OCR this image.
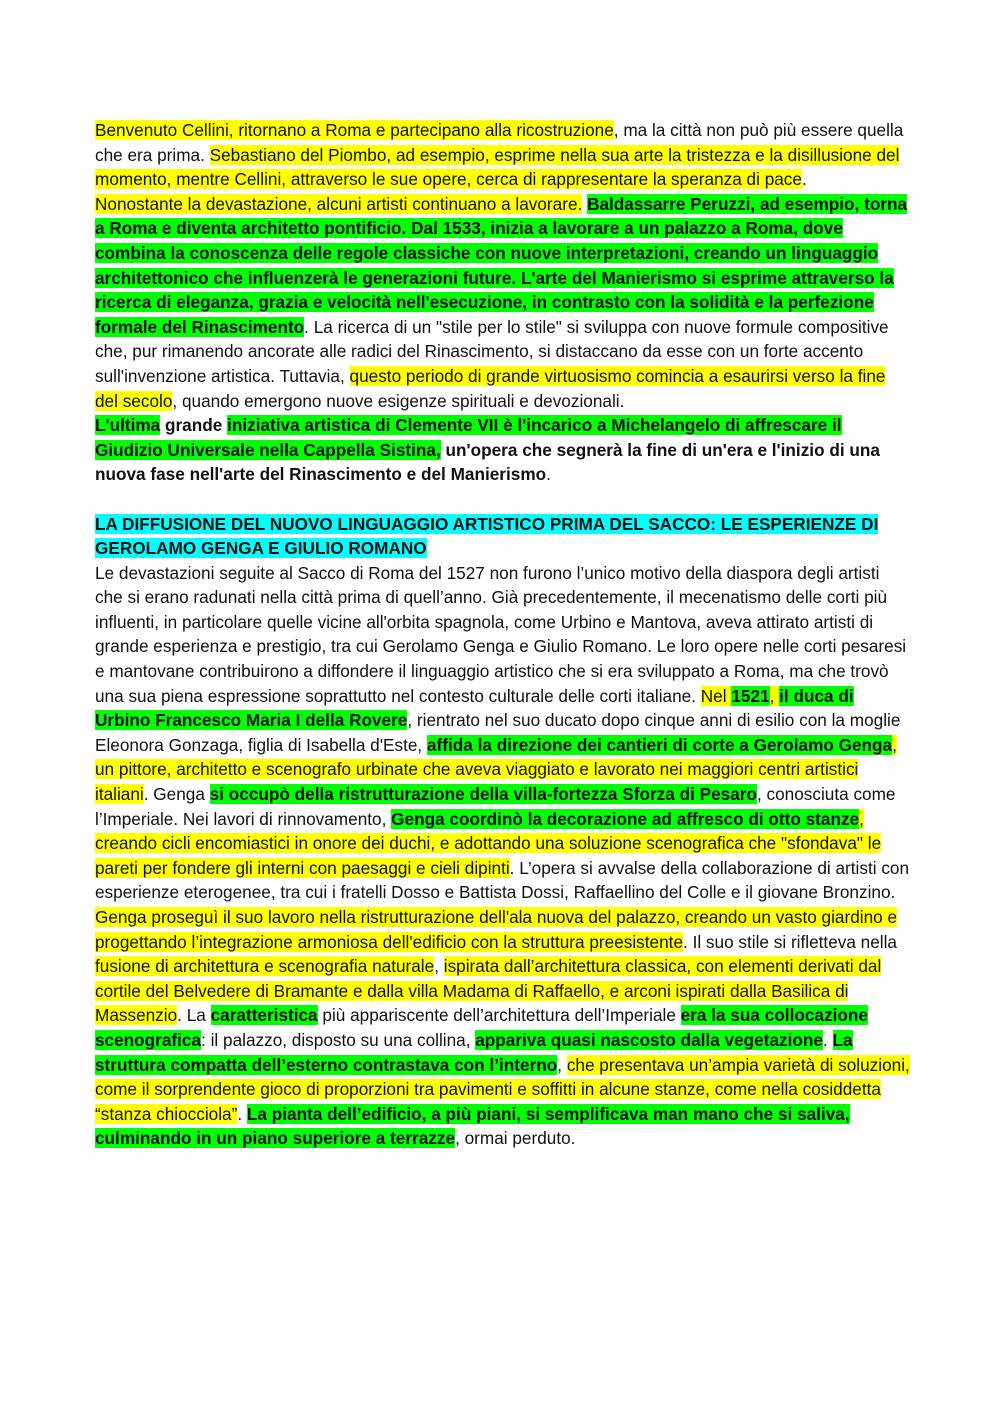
Benvenuto Cellini, ritornano a Roma e partecipano alla ricostruzione, ma la città non può più essere quella che era prima. Sebastiano del Piombo, ad esempio, esprime nella sua arte la tristezza e la disillusione del momento, mentre Cellini, attraverso le sue opere, cerca di rappresentare la speranza di pace.

Nonostante la devastazione, alcuni artisti continuano a lavorare. Baldassarre Peruzzi, ad esempio, torna a Roma e diventa architetto pontificio. Dal 1533, inizia a lavorare a un palazzo a Roma, dove combina la conoscenza delle regole classiche con nuove interpretazioni, creando un linguaggio architettonico che influenzerà le generazioni future. L'arte del Manierismo si esprime attraverso la ricerca di eleganza, grazia e velocità nell'esecuzione, in contrasto con la solidità e la perfezione formale del Rinascimento. La ricerca di un "stile per lo stile" si sviluppa con nuove formule compositive che, pur rimanendo ancorate alle radici del Rinascimento, si distaccano da esse con un forte accento sull'invenzione artistica. Tuttavia, questo periodo di grande virtuosismo comincia a esaurirsi verso la fine del secolo, quando emergono nuove esigenze spirituali e devozionali.

L'ultima grande iniziativa artistica di Clemente VII è l'incarico a Michelangelo di affrescare il Giudizio Universale nella Cappella Sistina, un'opera che segnerà la fine di un'era e l'inizio di una nuova fase nell'arte del Rinascimento e del Manierismo.

LA DIFFUSIONE DEL NUOVO LINGUAGGIO ARTISTICO PRIMA DEL SACCO: LE ESPERIENZE DI GEROLAMO GENGA E GIULIO ROMANO

Le devastazioni seguite al Sacco di Roma del 1527 non furono l’unico motivo della diaspora degli artisti che si erano radunati nella città prima di quell’anno. Già precedentemente, il mecenatismo delle corti più influenti, in particolare quelle vicine all'orbita spagnola, come Urbino e Mantova, aveva attirato artisti di grande esperienza e prestigio, tra cui Gerolamo Genga e Giulio Romano. Le loro opere nelle corti pesaresi e mantovane contribuirono a diffondere il linguaggio artistico che si era sviluppato a Roma, ma che trovò una sua piena espressione soprattutto nel contesto culturale delle corti italiane. Nel 1521, il duca di Urbino Francesco Maria I della Rovere, rientrato nel suo ducato dopo cinque anni di esilio con la moglie Eleonora Gonzaga, figlia di Isabella d'Este, affida la direzione dei cantieri di corte a Gerolamo Genga, un pittore, architetto e scenografo urbinate che aveva viaggiato e lavorato nei maggiori centri artistici italiani. Genga si occupò della ristrutturazione della villa-fortezza Sforza di Pesaro, conosciuta come l’Imperiale. Nei lavori di rinnovamento, Genga coordinò la decorazione ad affresco di otto stanze, creando cicli encomiastici in onore dei duchi, e adottando una soluzione scenografica che "sfondava" le pareti per fondere gli interni con paesaggi e cieli dipinti. L’opera si avvalse della collaborazione di artisti con esperienze eterogenee, tra cui i fratelli Dosso e Battista Dossi, Raffaellino del Colle e il giovane Bronzino. Genga proseguì il suo lavoro nella ristrutturazione dell'ala nuova del palazzo, creando un vasto giardino e progettando l’integrazione armoniosa dell'edificio con la struttura preesistente. Il suo stile si rifletteva nella fusione di architettura e scenografia naturale, ispirata dall’architettura classica, con elementi derivati dal cortile del Belvedere di Bramante e dalla villa Madama di Raffaello, e arconi ispirati dalla Basilica di Massenzio. La caratteristica più appariscente dell’architettura dell’Imperiale era la sua collocazione scenografica: il palazzo, disposto su una collina, appariva quasi nascosto dalla vegetazione. La struttura compatta dell’esterno contrastava con l’interno, che presentava un’ampia varietà di soluzioni, come il sorprendente gioco di proporzioni tra pavimenti e soffitti in alcune stanze, come nella cosiddetta “stanza chiocciola”. La pianta dell’edificio, a più piani, si semplificava man mano che si saliva, culminando in un piano superiore a terrazze, ormai perduto.
